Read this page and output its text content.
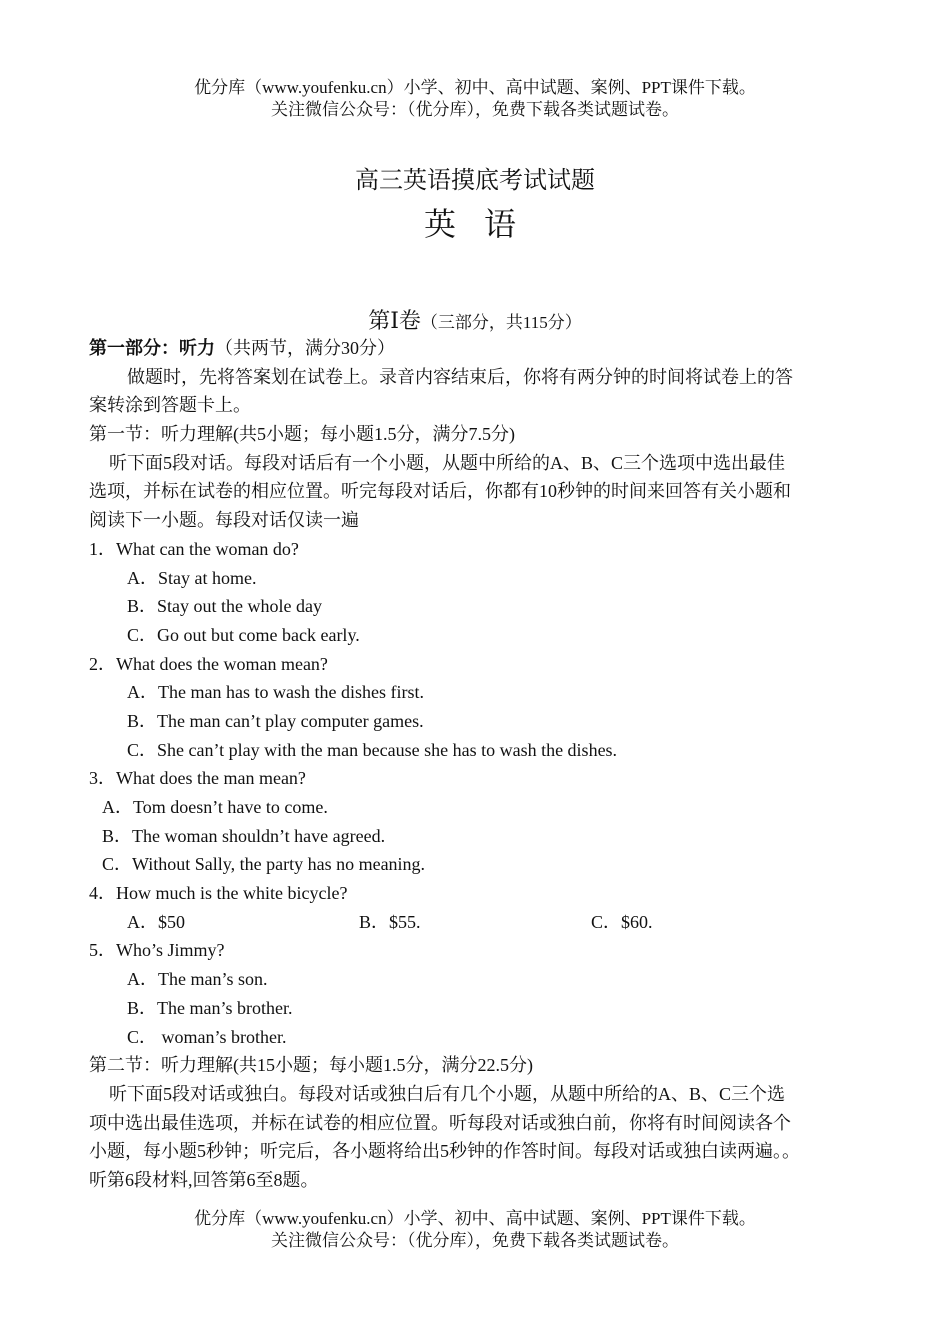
优分库（www.youfenku.cn）小学、初中、高中试题、案例、PPT课件下载。
关注微信公众号：（优分库），免费下载各类试题试卷。
高三英语摸底考试试题
英 语
第Ⅰ卷（三部分，共115分）
第一部分：听力（共两节，满分30分）
做题时，先将答案划在试卷上。录音内容结束后，你将有两分钟的时间将试卷上的答
案转涂到答题卡上。
第一节：听力理解(共5小题；每小题1.5分，满分7.5分)
听下面5段对话。每段对话后有一个小题，从题中所给的A、B、C三个选项中选出最佳
选项，并标在试卷的相应位置。听完每段对话后，你都有10秒钟的时间来回答有关小题和
阅读下一小题。每段对话仅读一遍
1．What can the woman do?
A．Stay at home.
B．Stay out the whole day
C．Go out but come back early.
2．What does the woman mean?
A．The man has to wash the dishes first.
B．The man can’t play computer games.
C．She can’t play with the man because she has to wash the dishes.
3．What does the man mean?
A．Tom doesn’t have to come.
B．The woman shouldn’t have agreed.
C．Without Sally, the party has no meaning.
4．How much is the white bicycle?
A．$50	B．$55.	C．$60.
5．Who’s Jimmy?
A．The man’s son.
B．The man’s brother.
C． woman’s brother.
第二节：听力理解(共15小题；每小题1.5分，满分22.5分)
听下面5段对话或独白。每段对话或独白后有几个小题，从题中所给的A、B、C三个选
项中选出最佳选项，并标在试卷的相应位置。听每段对话或独白前，你将有时间阅读各个
小题，每小题5秒钟；听完后，各小题将给出5秒钟的作答时间。每段对话或独白读两遍。。
听第6段材料,回答第6至8题。
优分库（www.youfenku.cn）小学、初中、高中试题、案例、PPT课件下载。
关注微信公众号：（优分库），免费下载各类试题试卷。
